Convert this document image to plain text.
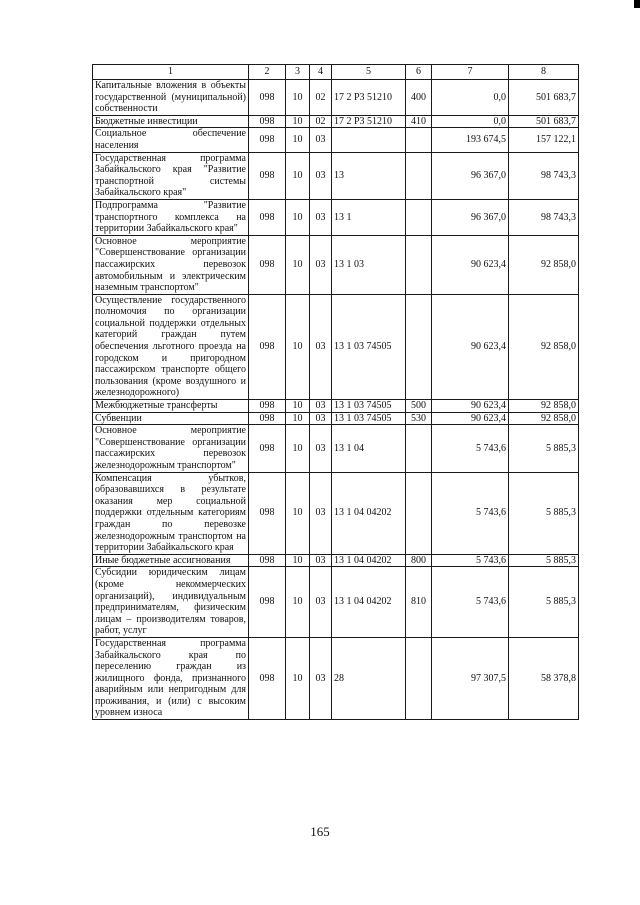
1	2	3	4	5	6	7	8
Капитальные вложения в объекты государственной (муниципальной) собственности	098	10	02	17 2 P3 51210	400	0,0	501 683,7
Бюджетные инвестиции	098	10	02	17 2 P3 51210	410	0,0	501 683,7
Социальное обеспечение населения	098	10	03			193 674,5	157 122,1
Государственная программа Забайкальского края "Развитие транспортной системы Забайкальского края"	098	10	03	13		96 367,0	98 743,3
Подпрограмма "Развитие транспортного комплекса на территории Забайкальского края"	098	10	03	13 1		96 367,0	98 743,3
Основное мероприятие "Совершенствование организации пассажирских перевозок автомобильным и электрическим наземным транспортом"	098	10	03	13 1 03		90 623,4	92 858,0
Осуществление государственного полномочия по организации социальной поддержки отдельных категорий граждан путем обеспечения льготного проезда на городском и пригородном пассажирском транспорте общего пользования (кроме воздушного и железнодорожного)	098	10	03	13 1 03 74505		90 623,4	92 858,0
Межбюджетные трансферты	098	10	03	13 1 03 74505	500	90 623,4	92 858,0
Субвенции	098	10	03	13 1 03 74505	530	90 623,4	92 858,0
Основное мероприятие "Совершенствование организации пассажирских перевозок железнодорожным транспортом"	098	10	03	13 1 04		5 743,6	5 885,3
Компенсация убытков, образовавшихся в результате оказания мер социальной поддержки отдельным категориям граждан по перевозке железнодорожным транспортом на территории Забайкальского края	098	10	03	13 1 04 04202		5 743,6	5 885,3
Иные бюджетные ассигнования	098	10	03	13 1 04 04202	800	5 743,6	5 885,3
Субсидии юридическим лицам (кроме некоммерческих организаций), индивидуальным предпринимателям, физическим лицам – производителям товаров, работ, услуг	098	10	03	13 1 04 04202	810	5 743,6	5 885,3
Государственная программа Забайкальского края по переселению граждан из жилищного фонда, признанного аварийным или непригодным для проживания, и (или) с высоким уровнем износа	098	10	03	28		97 307,5	58 378,8
165
